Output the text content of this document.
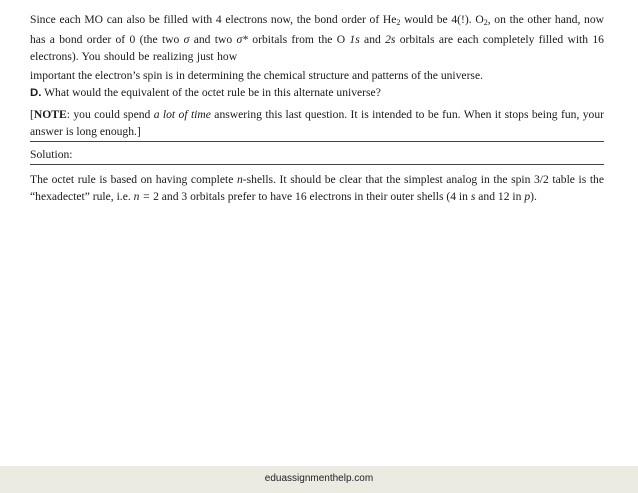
Since each MO can also be filled with 4 electrons now, the bond order of $He_2$ would be 4(!). $O_2$, on the other hand, now has a bond order of 0 (the two σ and two σ* orbitals from the O 1s and 2s orbitals are each completely filled with 16 electrons). You should be realizing just how

important the electron’s spin is in determining the chemical structure and patterns of the universe.
D. What would the equivalent of the octet rule be in this alternate universe?

[NOTE: you could spend a lot of time answering this last question. It is intended to be fun. When it stops being fun, your answer is long enough.]

Solution:

The octet rule is based on having complete n-shells. It should be clear that the simplest analog in the spin 3/2 table is the “hexadectet” rule, i.e. n = 2 and 3 orbitals prefer to have 16 electrons in their outer shells (4 in s and 12 in p).

eduassignmenthelp.com
